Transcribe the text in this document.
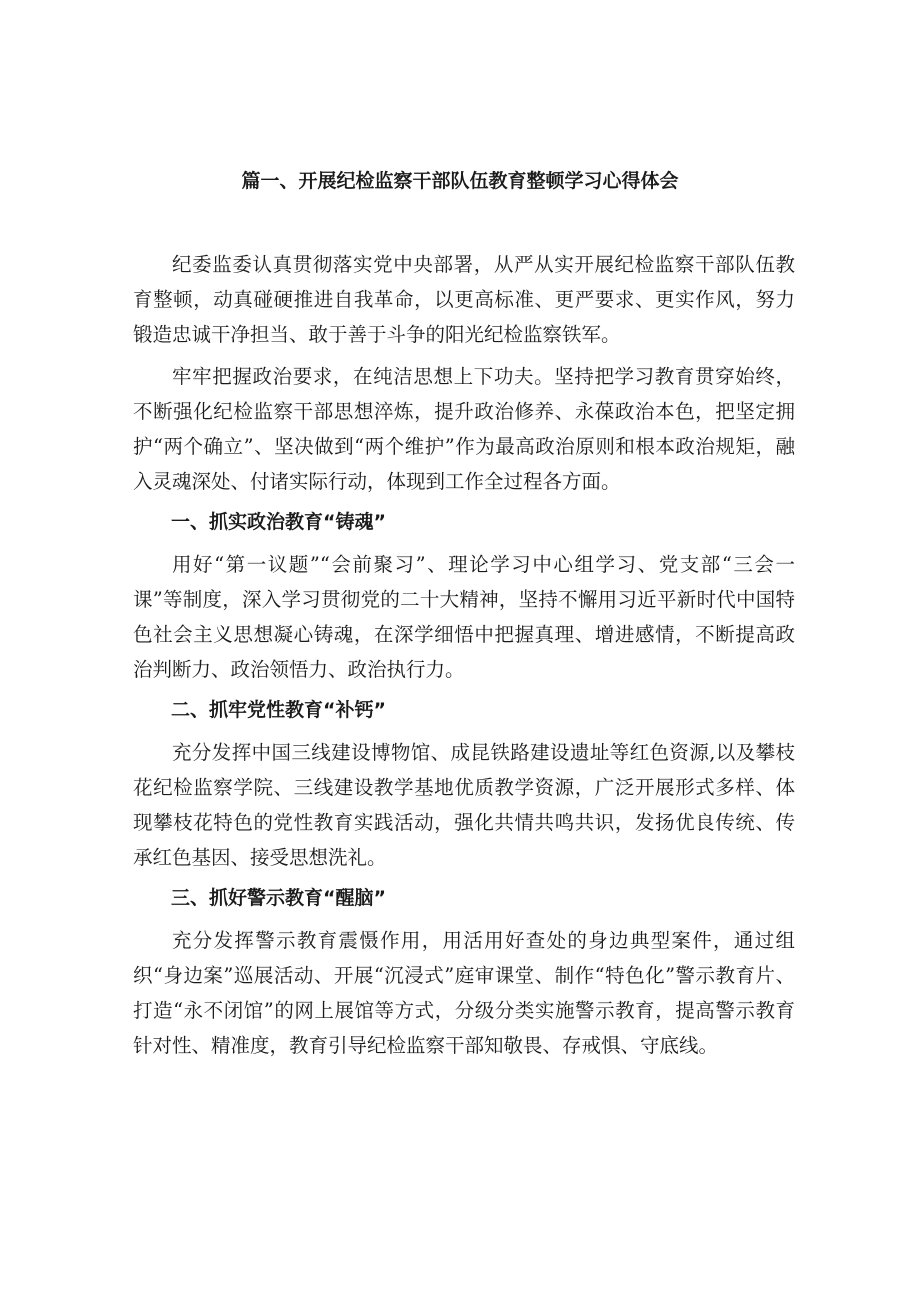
篇一、开展纪检监察干部队伍教育整顿学习心得体会

纪委监委认真贯彻落实党中央部署，从严从实开展纪检监察干部队伍教育整顿，动真碰硬推进自我革命，以更高标准、更严要求、更实作风，努力锻造忠诚干净担当、敢于善于斗争的阳光纪检监察铁军。

牢牢把握政治要求，在纯洁思想上下功夫。坚持把学习教育贯穿始终，不断强化纪检监察干部思想淬炼，提升政治修养、永葆政治本色，把坚定拥护“两个确立”、坚决做到“两个维护”作为最高政治原则和根本政治规矩，融入灵魂深处、付诸实际行动，体现到工作全过程各方面。

一、抓实政治教育“铸魂”

用好“第一议题”“会前聚习”、理论学习中心组学习、党支部“三会一课”等制度，深入学习贯彻党的二十大精神，坚持不懈用习近平新时代中国特色社会主义思想凝心铸魂，在深学细悟中把握真理、增进感情，不断提高政治判断力、政治领悟力、政治执行力。

二、抓牢党性教育“补钙”

充分发挥中国三线建设博物馆、成昆铁路建设遗址等红色资源,以及攀枝花纪检监察学院、三线建设教学基地优质教学资源，广泛开展形式多样、体现攀枝花特色的党性教育实践活动，强化共情共鸣共识，发扬优良传统、传承红色基因、接受思想洗礼。

三、抓好警示教育“醒脑”

充分发挥警示教育震慑作用，用活用好查处的身边典型案件，通过组织“身边案”巡展活动、开展“沉浸式”庭审课堂、制作“特色化”警示教育片、打造“永不闭馆”的网上展馆等方式，分级分类实施警示教育，提高警示教育针对性、精准度，教育引导纪检监察干部知敬畏、存戒惧、守底线。
